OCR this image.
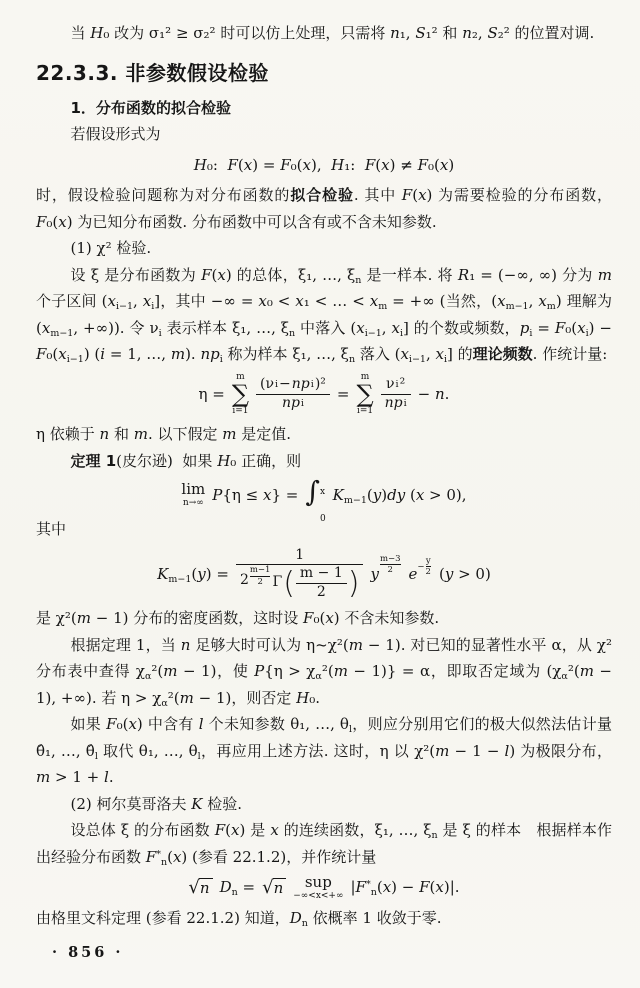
当 H₀ 改为 σ₁² ≥ σ₂² 时可以仿上处理，只需将 n₁, S₁² 和 n₂, S₂² 的位置对调.

22.3.3. 非参数假设检验

1．分布函数的拟合检验

若假设形式为

H₀:  F(x) = F₀(x),  H₁:  F(x) ≠ F₀(x)

时，假设检验问题称为对分布函数的拟合检验. 其中 F(x) 为需要检验的分布函数，F₀(x) 为已知分布函数. 分布函数中可以含有或不含未知参数.

(1) χ² 检验.

设 ξ 是分布函数为 F(x) 的总体，ξ₁, …, $\xi_n$ 是一样本. 将 R₁ = (−∞, ∞) 分为 m 个子区间 ($x_{i-1}$, $x_i$]，其中 −∞ = x₀ < x₁ < … < $x_m$ = +∞ (当然，($x_{m-1}$, $x_m$) 理解为 ($x_{m-1}$, +∞)). 令 $\nu_i$ 表示样本 ξ₁, …, $\xi_n$ 中落入 ($x_{i-1}$, $x_i$] 的个数或频数，$p_i = F_0(x_i) - F_0(x_{i-1}) (i = 1$, …, m). $np_i$ 称为样本 ξ₁, …, $\xi_n$ 落入 ($x_{i-1}$, $x_i$] 的理论频数. 作统计量:

η =
m
∑
$i=1 \frac{\text{(ν i − np i )²}}{\text{np i}}$ =
m
∑
$i=1 \frac{\text{ν i ²}}{\text{np i}} - n$.

η 依赖于 n 和 m. 以下假定 m 是定值.

定理 1(皮尔逊)  如果 H₀ 正确，则

lim
n→∞ P{η ≤ x} = ∫ x
0
$K_{m-1}(y)dy$ (x > 0),

其中

$K_{m-1}(y)$ =
1
2
m−1
2 Γ ( $\frac{m - 1}{2}$ ) y
m−3
2 e −
y
2 (y > 0)

是 χ²(m − 1) 分布的密度函数，这时设 F₀(x) 不含未知参数.

根据定理 1，当 n 足够大时可认为 η~χ²(m − 1). 对已知的显著性水平 α，从 χ² 分布表中查得 $\chi_\alpha^2(m - 1)$，使 $P\{\eta > \chi_\alpha^2(m - 1)\} = \alpha$，即取否定域为 ($\chi_\alpha^2(m - 1)$, +∞). 若 $\eta > \chi_\alpha^2(m - 1)$，则否定 H₀.

如果 F₀(x) 中含有 l 个未知参数 θ₁, …, $\theta_l$，则应分别用它们的极大似然法估计量 θ̂₁, …, $\thetâ_l$ 取代 θ₁, …, $\theta_l$，再应用上述方法. 这时，η 以 χ²(m − 1 − l) 为极限分布，m > 1 + l.

(2) 柯尔莫哥洛夫 K 检验.

设总体 ξ 的分布函数 F(x) 是 x 的连续函数，ξ₁, …, $\xi_n$ 是 ξ 的样本　根据样本作出经验分布函数 $F^*_n(x)$ (参看 22.1.2)，并作统计量

√ n $D_n$ = √ n sup
−∞<x<+∞ $|F^*_n(x) - F(x)|$.

由格里文科定理 (参看 22.1.2) 知道，$D_n$ 依概率 1 收敛于零.

· 856 ·
